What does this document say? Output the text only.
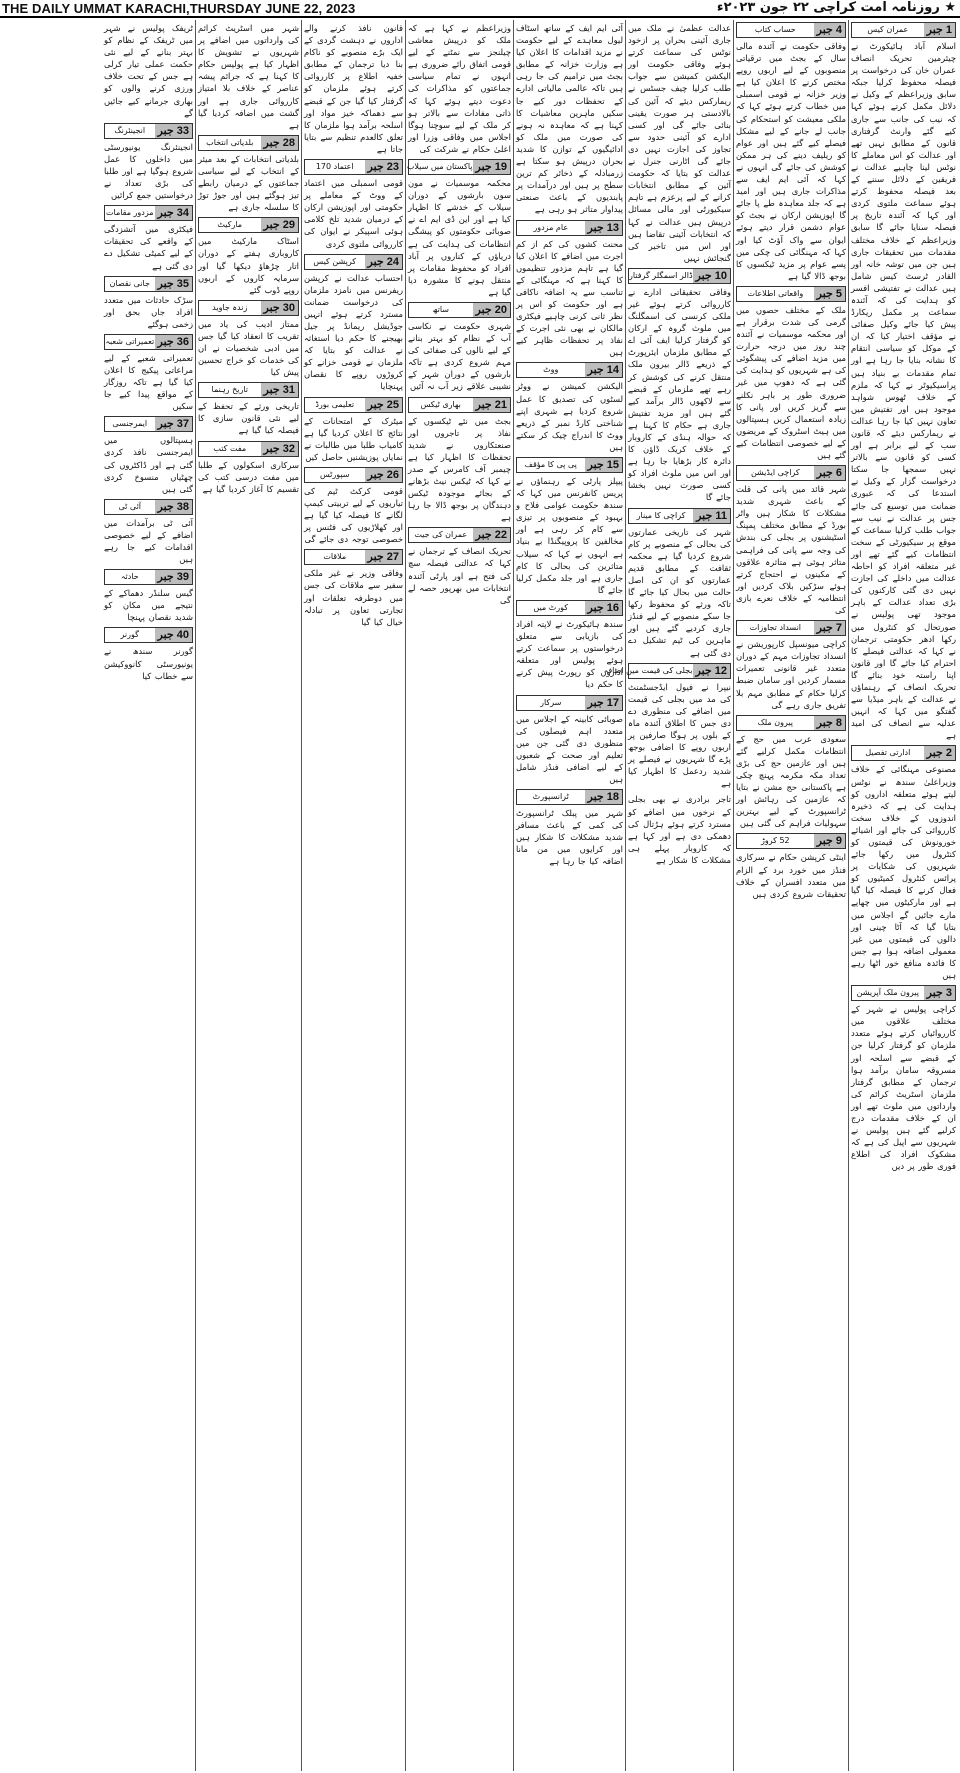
THE DAILY UMMAT KARACHI,THURSDAY JUNE 22, 2023	★ روزنامہ امت کراچی ۲۲ جون ۲۰۲۳ء
1 جبر
عمران کیس
اسلام آباد ہائیکورٹ نے چیئرمین تحریک انصاف عمران خان کی درخواست پر فیصلہ محفوظ کرلیا جبکہ سابق وزیراعظم کے وکیل نے دلائل مکمل کرتے ہوئے کہا کہ نیب کی جانب سے جاری کیے گئے وارنٹ گرفتاری قانون کے مطابق نہیں تھے اور عدالت کو اس معاملے کا نوٹس لینا چاہیے عدالت نے فریقین کے دلائل سننے کے بعد فیصلہ محفوظ کرتے ہوئے سماعت ملتوی کردی اور کہا کہ آئندہ تاریخ پر فیصلہ سنایا جائے گا سابق وزیراعظم کے خلاف مختلف مقدمات میں تحقیقات جاری ہیں جن میں توشہ خانہ اور القادر ٹرسٹ کیس شامل ہیں عدالت نے تفتیشی افسر کو ہدایت کی کہ آئندہ سماعت پر مکمل ریکارڈ پیش کیا جائے وکیل صفائی نے مؤقف اختیار کیا کہ ان کے موکل کو سیاسی انتقام کا نشانہ بنایا جا رہا ہے اور تمام مقدمات بے بنیاد ہیں پراسیکیوٹر نے کہا کہ ملزم کے خلاف ٹھوس شواہد موجود ہیں اور تفتیش میں تعاون نہیں کیا جا رہا عدالت نے ریمارکس دیئے کہ قانون سب کے لیے برابر ہے اور کسی کو قانون سے بالاتر نہیں سمجھا جا سکتا درخواست گزار کے وکیل نے استدعا کی کہ عبوری ضمانت میں توسیع کی جائے جس پر عدالت نے نیب سے جواب طلب کرلیا سماعت کے موقع پر سیکیورٹی کے سخت انتظامات کیے گئے تھے اور غیر متعلقہ افراد کو احاطہ عدالت میں داخلے کی اجازت نہیں دی گئی کارکنوں کی بڑی تعداد عدالت کے باہر موجود تھی پولیس نے صورتحال کو کنٹرول میں رکھا ادھر حکومتی ترجمان نے کہا کہ عدالتی فیصلے کا احترام کیا جائے گا اور قانون اپنا راستہ خود بنائے گا تحریک انصاف کے رہنماؤں نے عدالت کے باہر میڈیا سے گفتگو میں کہا کہ انہیں عدلیہ سے انصاف کی امید ہے
2 جبر
ادارتی تفصیل
مصنوعی مہنگائی کے خلاف وزیراعلیٰ سندھ نے نوٹس لیتے ہوئے متعلقہ اداروں کو ہدایت کی ہے کہ ذخیرہ اندوزوں کے خلاف سخت کارروائی کی جائے اور اشیائے خورونوش کی قیمتوں کو کنٹرول میں رکھا جائے شہریوں کی شکایات پر پرائس کنٹرول کمیٹیوں کو فعال کرنے کا فیصلہ کیا گیا ہے اور مارکیٹوں میں چھاپے مارے جائیں گے اجلاس میں بتایا گیا کہ آٹا چینی اور دالوں کی قیمتوں میں غیر معمولی اضافہ ہوا ہے جس کا فائدہ منافع خور اٹھا رہے ہیں
3 جبر
پیرون ملک آپریشن
کراچی پولیس نے شہر کے مختلف علاقوں میں کارروائیاں کرتے ہوئے متعدد ملزمان کو گرفتار کرلیا جن کے قبضے سے اسلحہ اور مسروقہ سامان برآمد ہوا ترجمان کے مطابق گرفتار ملزمان اسٹریٹ کرائم کی وارداتوں میں ملوث تھے اور ان کے خلاف مقدمات درج کرلیے گئے ہیں پولیس نے شہریوں سے اپیل کی ہے کہ مشکوک افراد کی اطلاع فوری طور پر دیں
4 جبر
حساب کتاب
وفاقی حکومت نے آئندہ مالی سال کے بجٹ میں ترقیاتی منصوبوں کے لیے اربوں روپے مختص کرنے کا اعلان کیا ہے وزیر خزانہ نے قومی اسمبلی میں خطاب کرتے ہوئے کہا کہ ملکی معیشت کو استحکام کی جانب لے جانے کے لیے مشکل فیصلے کیے گئے ہیں اور عوام کو ریلیف دینے کی ہر ممکن کوشش کی جائے گی انہوں نے کہا کہ آئی ایم ایف سے مذاکرات جاری ہیں اور امید ہے کہ جلد معاہدہ طے پا جائے گا اپوزیشن ارکان نے بجٹ کو عوام دشمن قرار دیتے ہوئے ایوان سے واک آؤٹ کیا اور کہا کہ مہنگائی کی چکی میں پسے عوام پر مزید ٹیکسوں کا بوجھ ڈالا گیا ہے
5 جبر
واقعاتی اطلاعات
ملک کے مختلف حصوں میں گرمی کی شدت برقرار ہے اور محکمہ موسمیات نے آئندہ چند روز میں درجہ حرارت میں مزید اضافے کی پیشگوئی کی ہے شہریوں کو ہدایت کی گئی ہے کہ دھوپ میں غیر ضروری طور پر باہر نکلنے سے گریز کریں اور پانی کا زیادہ استعمال کریں ہسپتالوں میں ہیٹ اسٹروک کے مریضوں کے لیے خصوصی انتظامات کیے گئے ہیں
6 جبر
کراچی ایڈیشن
شہر قائد میں پانی کی قلت کے باعث شہری شدید مشکلات کا شکار ہیں واٹر بورڈ کے مطابق مختلف پمپنگ اسٹیشنوں پر بجلی کی بندش کی وجہ سے پانی کی فراہمی متاثر ہوئی ہے متاثرہ علاقوں کے مکینوں نے احتجاج کرتے ہوئے سڑکیں بلاک کردیں اور انتظامیہ کے خلاف نعرے بازی کی
7 جبر
انسداد تجاوزات
کراچی میونسپل کارپوریشن نے انسداد تجاوزات مہم کے دوران متعدد غیر قانونی تعمیرات مسمار کردیں اور سامان ضبط کرلیا حکام کے مطابق مہم بلا تفریق جاری رہے گی
8 جبر
پیرون ملک
سعودی عرب میں حج کے انتظامات مکمل کرلیے گئے ہیں اور عازمین حج کی بڑی تعداد مکہ مکرمہ پہنچ چکی ہے پاکستانی حج مشن نے بتایا کہ عازمین کی رہائش اور ٹرانسپورٹ کے لیے بہترین سہولیات فراہم کی گئی ہیں
9 جبر
52 کروڑ
اینٹی کرپشن حکام نے سرکاری فنڈز میں خورد برد کے الزام میں متعدد افسران کے خلاف تحقیقات شروع کردی ہیں
عدالت عظمیٰ نے ملک میں جاری آئینی بحران پر ازخود نوٹس کی سماعت کرتے ہوئے وفاقی حکومت اور الیکشن کمیشن سے جواب طلب کرلیا چیف جسٹس نے ریمارکس دیئے کہ آئین کی بالادستی ہر صورت یقینی بنائی جائے گی اور کسی ادارے کو آئینی حدود سے تجاوز کی اجازت نہیں دی جائے گی اٹارنی جنرل نے عدالت کو بتایا کہ حکومت آئین کے مطابق انتخابات کرانے کے لیے پرعزم ہے تاہم سیکیورٹی اور مالی مسائل درپیش ہیں عدالت نے کہا کہ انتخابات آئینی تقاضا ہیں اور اس میں تاخیر کی گنجائش نہیں
10 جبر
ڈالر اسمگلر گرفتار
وفاقی تحقیقاتی ادارے نے کارروائی کرتے ہوئے غیر ملکی کرنسی کی اسمگلنگ میں ملوث گروہ کے ارکان کو گرفتار کرلیا ایف آئی اے کے مطابق ملزمان ایئرپورٹ کے ذریعے ڈالر بیرون ملک منتقل کرنے کی کوشش کر رہے تھے ملزمان کے قبضے سے لاکھوں ڈالر برآمد کیے گئے ہیں اور مزید تفتیش جاری ہے حکام کا کہنا ہے کہ حوالہ ہنڈی کے کاروبار کے خلاف کریک ڈاؤن کا دائرہ کار بڑھایا جا رہا ہے اور اس میں ملوث افراد کو کسی صورت نہیں بخشا جائے گا
11 جبر
کراچی کا مینار
شہر کی تاریخی عمارتوں کی بحالی کے منصوبے پر کام شروع کردیا گیا ہے محکمہ ثقافت کے مطابق قدیم عمارتوں کو ان کی اصل حالت میں بحال کیا جائے گا تاکہ ورثے کو محفوظ رکھا جا سکے منصوبے کے لیے فنڈز جاری کردیے گئے ہیں اور ماہرین کی ٹیم تشکیل دے دی گئی ہے
12 جبر
بجلی کی قیمت میں اضافہ
نیپرا نے فیول ایڈجسٹمنٹ کی مد میں بجلی کی قیمت میں اضافے کی منظوری دے دی جس کا اطلاق آئندہ ماہ کے بلوں پر ہوگا صارفین پر اربوں روپے کا اضافی بوجھ پڑے گا شہریوں نے فیصلے پر شدید ردعمل کا اظہار کیا ہے
تاجر برادری نے بھی بجلی کے نرخوں میں اضافے کو مسترد کرتے ہوئے ہڑتال کی دھمکی دی ہے اور کہا ہے کہ کاروبار پہلے ہی مشکلات کا شکار ہے
آئی ایم ایف کے ساتھ اسٹاف لیول معاہدے کے لیے حکومت نے مزید اقدامات کا اعلان کیا ہے وزارت خزانہ کے مطابق بجٹ میں ترامیم کی جا رہی ہیں تاکہ عالمی مالیاتی ادارے کے تحفظات دور کیے جا سکیں ماہرین معاشیات کا کہنا ہے کہ معاہدہ نہ ہونے کی صورت میں ملک کو ادائیگیوں کے توازن کا شدید بحران درپیش ہو سکتا ہے زرمبادلہ کے ذخائر کم ترین سطح پر ہیں اور درآمدات پر پابندیوں کے باعث صنعتی پیداوار متاثر ہو رہی ہے
13 جبر
عام مزدور
محنت کشوں کی کم از کم اجرت میں اضافے کا اعلان کیا گیا ہے تاہم مزدور تنظیموں کا کہنا ہے کہ مہنگائی کے تناسب سے یہ اضافہ ناکافی ہے اور حکومت کو اس پر نظر ثانی کرنی چاہیے فیکٹری مالکان نے بھی نئی اجرت کے نفاذ پر تحفظات ظاہر کیے ہیں
14 جبر
ووٹ
الیکشن کمیشن نے ووٹر لسٹوں کی تصدیق کا عمل شروع کردیا ہے شہری اپنے شناختی کارڈ نمبر کے ذریعے ووٹ کا اندراج چیک کر سکتے ہیں
15 جبر
پی پی کا مؤقف
پیپلز پارٹی کے رہنماؤں نے پریس کانفرنس میں کہا کہ سندھ حکومت عوامی فلاح و بہبود کے منصوبوں پر تیزی سے کام کر رہی ہے اور مخالفین کا پروپیگنڈا بے بنیاد ہے انہوں نے کہا کہ سیلاب متاثرین کی بحالی کا کام جاری ہے اور جلد مکمل کرلیا جائے گا
16 جبر
کورٹ میں
سندھ ہائیکورٹ نے لاپتہ افراد کی بازیابی سے متعلق درخواستوں پر سماعت کرتے ہوئے پولیس اور متعلقہ اداروں کو رپورٹ پیش کرنے کا حکم دیا
17 جبر
سرکار
صوبائی کابینہ کے اجلاس میں متعدد اہم فیصلوں کی منظوری دی گئی جن میں تعلیم اور صحت کے شعبوں کے لیے اضافی فنڈز شامل ہیں
18 جبر
ٹرانسپورٹ
شہر میں پبلک ٹرانسپورٹ کی کمی کے باعث مسافر شدید مشکلات کا شکار ہیں اور کرایوں میں من مانا اضافہ کیا جا رہا ہے
وزیراعظم نے کہا ہے کہ ملک کو درپیش معاشی چیلنجز سے نمٹنے کے لیے قومی اتفاق رائے ضروری ہے انہوں نے تمام سیاسی جماعتوں کو مذاکرات کی دعوت دیتے ہوئے کہا کہ ذاتی مفادات سے بالاتر ہو کر ملک کے لیے سوچنا ہوگا اجلاس میں وفاقی وزرا اور اعلیٰ حکام نے شرکت کی
19 جبر
پاکستان میں سیلاب
محکمہ موسمیات نے مون سون بارشوں کے دوران سیلاب کے خدشے کا اظہار کیا ہے اور این ڈی ایم اے نے صوبائی حکومتوں کو پیشگی انتظامات کی ہدایت کی ہے دریاؤں کے کناروں پر آباد افراد کو محفوظ مقامات پر منتقل ہونے کا مشورہ دیا گیا ہے
20 جبر
ساتھ
شہری حکومت نے نکاسی آب کے نظام کو بہتر بنانے کے لیے نالوں کی صفائی کی مہم شروع کردی ہے تاکہ بارشوں کے دوران شہر کے نشیبی علاقے زیر آب نہ آئیں
21 جبر
بھاری ٹیکس
بجٹ میں نئے ٹیکسوں کے نفاذ پر تاجروں اور صنعتکاروں نے شدید تحفظات کا اظہار کیا ہے چیمبر آف کامرس کے صدر نے کہا کہ ٹیکس نیٹ بڑھانے کے بجائے موجودہ ٹیکس دہندگان پر بوجھ ڈالا جا رہا ہے
22 جبر
عمران کی جیت
تحریک انصاف کے ترجمان نے کہا کہ عدالتی فیصلہ سچ کی فتح ہے اور پارٹی آئندہ انتخابات میں بھرپور حصہ لے گی
قانون نافذ کرنے والے اداروں نے دہشت گردی کے ایک بڑے منصوبے کو ناکام بنا دیا ترجمان کے مطابق خفیہ اطلاع پر کارروائی کرتے ہوئے ملزمان کو گرفتار کیا گیا جن کے قبضے سے دھماکہ خیز مواد اور اسلحہ برآمد ہوا ملزمان کا تعلق کالعدم تنظیم سے بتایا جاتا ہے
23 جبر
اعتماد 170
قومی اسمبلی میں اعتماد کے ووٹ کے معاملے پر حکومتی اور اپوزیشن ارکان کے درمیان شدید تلخ کلامی ہوئی اسپیکر نے ایوان کی کارروائی ملتوی کردی
24 جبر
کرپشن کیس
احتساب عدالت نے کرپشن ریفرنس میں نامزد ملزمان کی درخواست ضمانت مسترد کرتے ہوئے انہیں جوڈیشل ریمانڈ پر جیل بھیجنے کا حکم دیا استغاثہ نے عدالت کو بتایا کہ ملزمان نے قومی خزانے کو کروڑوں روپے کا نقصان پہنچایا
25 جبر
تعلیمی بورڈ
میٹرک کے امتحانات کے نتائج کا اعلان کردیا گیا ہے کامیاب طلبا میں طالبات نے نمایاں پوزیشنیں حاصل کیں
26 جبر
سپورٹس
قومی کرکٹ ٹیم کی تیاریوں کے لیے تربیتی کیمپ لگانے کا فیصلہ کیا گیا ہے اور کھلاڑیوں کی فٹنس پر خصوصی توجہ دی جائے گی
27 جبر
ملاقات
وفاقی وزیر نے غیر ملکی سفیر سے ملاقات کی جس میں دوطرفہ تعلقات اور تجارتی تعاون پر تبادلہ خیال کیا گیا
شہر میں اسٹریٹ کرائم کی وارداتوں میں اضافے پر شہریوں نے تشویش کا اظہار کیا ہے پولیس حکام کا کہنا ہے کہ جرائم پیشہ عناصر کے خلاف بلا امتیاز کارروائی جاری ہے اور گشت میں اضافہ کردیا گیا ہے
28 جبر
بلدیاتی انتخاب
بلدیاتی انتخابات کے بعد میئر کے انتخاب کے لیے سیاسی جماعتوں کے درمیان رابطے تیز ہوگئے ہیں اور جوڑ توڑ کا سلسلہ جاری ہے
29 جبر
مارکیٹ
اسٹاک مارکیٹ میں کاروباری ہفتے کے دوران اتار چڑھاؤ دیکھا گیا اور سرمایہ کاروں کے اربوں روپے ڈوب گئے
30 جبر
زندہ جاوید
ممتاز ادیب کی یاد میں تقریب کا انعقاد کیا گیا جس میں ادبی شخصیات نے ان کی خدمات کو خراج تحسین پیش کیا
31 جبر
تاریخ رہنما
تاریخی ورثے کے تحفظ کے لیے نئی قانون سازی کا فیصلہ کیا گیا ہے
32 جبر
مفت کتب
سرکاری اسکولوں کے طلبا میں مفت درسی کتب کی تقسیم کا آغاز کردیا گیا ہے
ٹریفک پولیس نے شہر میں ٹریفک کے نظام کو بہتر بنانے کے لیے نئی حکمت عملی تیار کرلی ہے جس کے تحت خلاف ورزی کرنے والوں کو بھاری جرمانے کیے جائیں گے
33 جبر
انجینئرنگ
انجینئرنگ یونیورسٹی میں داخلوں کا عمل شروع ہوگیا ہے اور طلبا کی بڑی تعداد نے درخواستیں جمع کرائیں
34 جبر
مزدور مقامات
فیکٹری میں آتشزدگی کے واقعے کی تحقیقات کے لیے کمیٹی تشکیل دے دی گئی ہے
35 جبر
جانی نقصان
سڑک حادثات میں متعدد افراد جاں بحق اور زخمی ہوگئے
36 جبر
تعمیراتی شعبہ
تعمیراتی شعبے کے لیے مراعاتی پیکیج کا اعلان کیا گیا ہے تاکہ روزگار کے مواقع پیدا کیے جا سکیں
37 جبر
ایمرجنسی
ہسپتالوں میں ایمرجنسی نافذ کردی گئی ہے اور ڈاکٹروں کی چھٹیاں منسوخ کردی گئی ہیں
38 جبر
آئی ٹی
آئی ٹی برآمدات میں اضافے کے لیے خصوصی اقدامات کیے جا رہے ہیں
39 جبر
حادثہ
گیس سلنڈر دھماکے کے نتیجے میں مکان کو شدید نقصان پہنچا
40 جبر
گورنر
گورنر سندھ نے یونیورسٹی کانووکیشن سے خطاب کیا
